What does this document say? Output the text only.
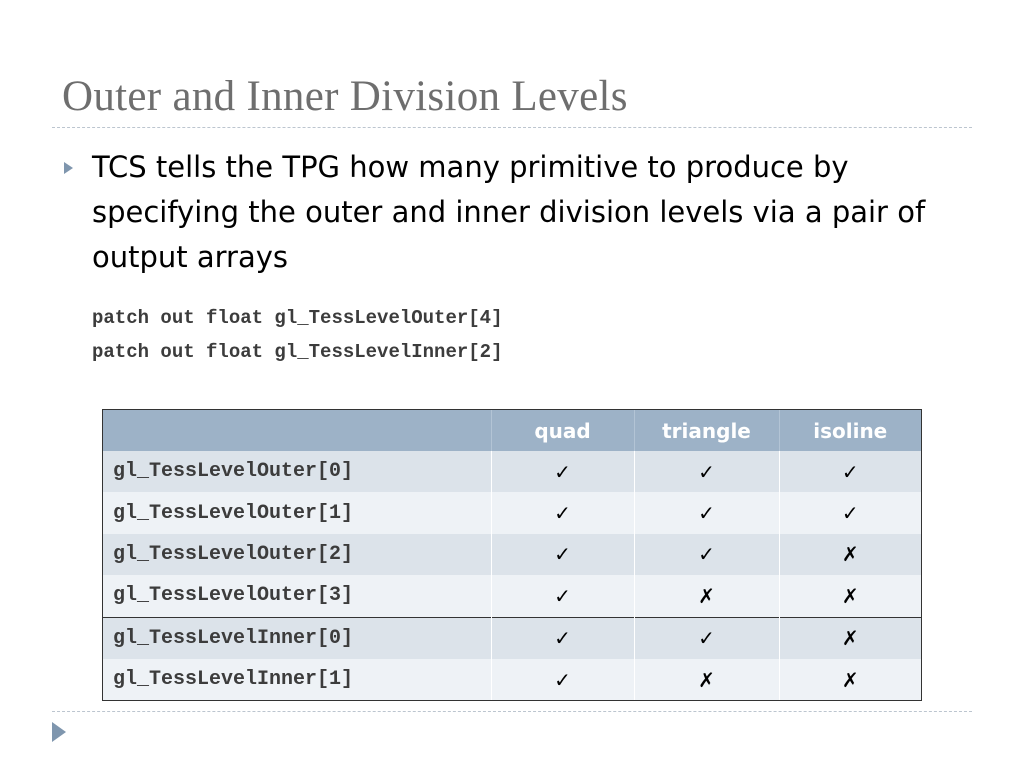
Outer and Inner Division Levels

TCS tells the TPG how many primitive to produce by specifying the outer and inner division levels via a pair of output arrays

patch out float gl_TessLevelOuter[4]
patch out float gl_TessLevelInner[2]
	quad	triangle	isoline
gl_TessLevelOuter[0]	✓	✓	✓
gl_TessLevelOuter[1]	✓	✓	✓
gl_TessLevelOuter[2]	✓	✓	✗
gl_TessLevelOuter[3]	✓	✗	✗
gl_TessLevelInner[0]	✓	✓	✗
gl_TessLevelInner[1]	✓	✗	✗
